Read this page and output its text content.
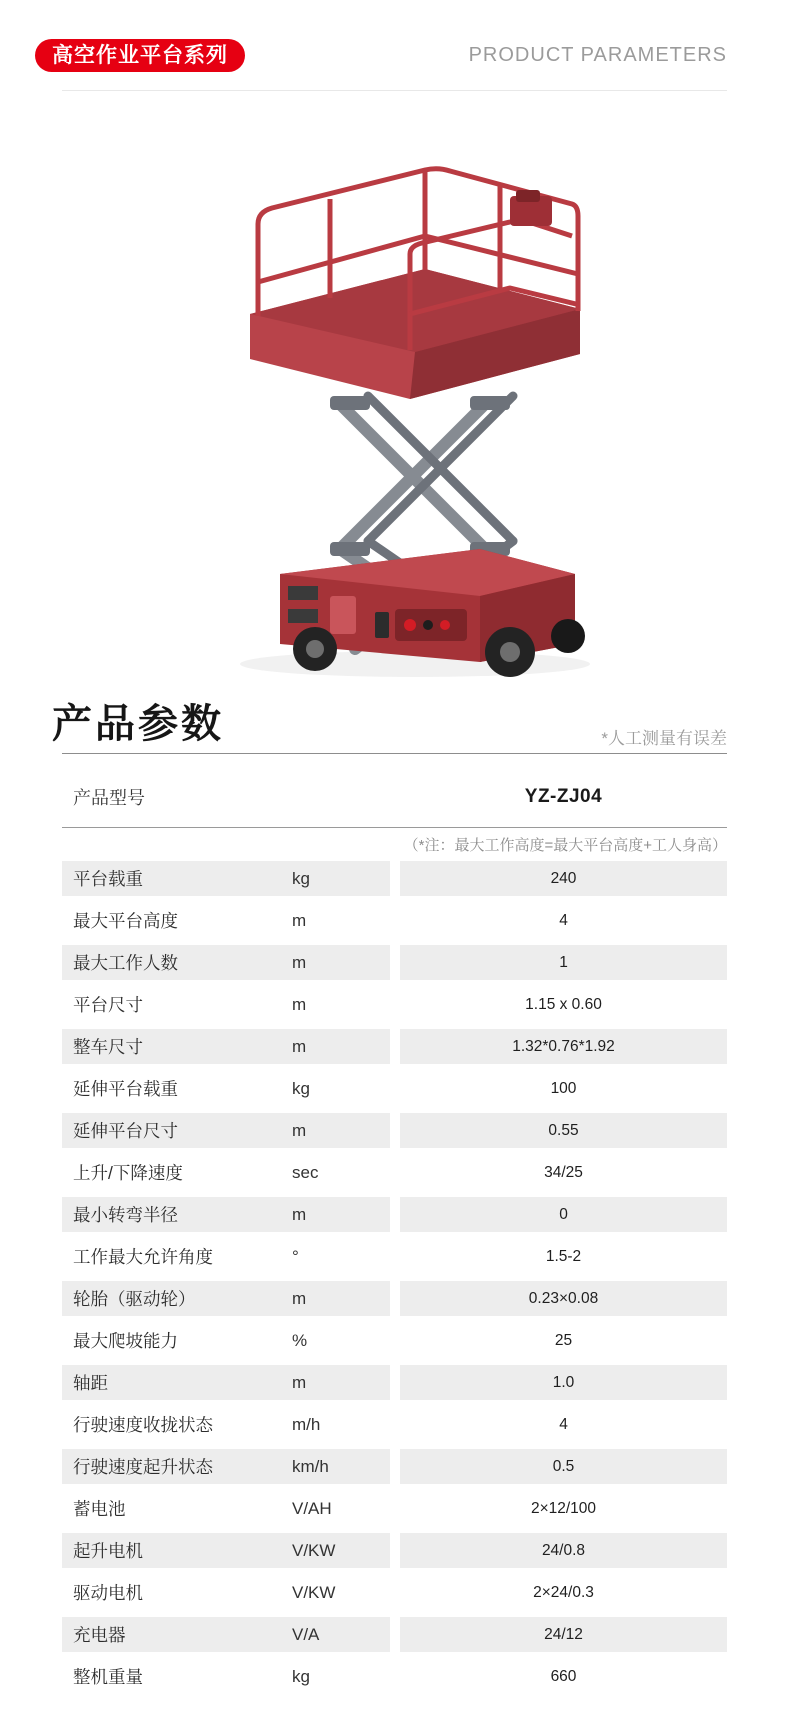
高空作业平台系列	PRODUCT PARAMETERS
产品参数	*人工测量有误差
产品型号	YZ-ZJ04
（*注：最大工作高度=最大平台高度+工人身高）
平台载重	kg	240
最大平台高度	m	4
最大工作人数	m	1
平台尺寸	m	1.15 x 0.60
整车尺寸	m	1.32*0.76*1.92
延伸平台载重	kg	100
延伸平台尺寸	m	0.55
上升/下降速度	sec	34/25
最小转弯半径	m	0
工作最大允许角度	°	1.5-2
轮胎（驱动轮）	m	0.23×0.08
最大爬坡能力	%	25
轴距	m	1.0
行驶速度收拢状态	m/h	4
行驶速度起升状态	km/h	0.5
蓄电池	V/AH	2×12/100
起升电机	V/KW	24/0.8
驱动电机	V/KW	2×24/0.3
充电器	V/A	24/12
整机重量	kg	660
